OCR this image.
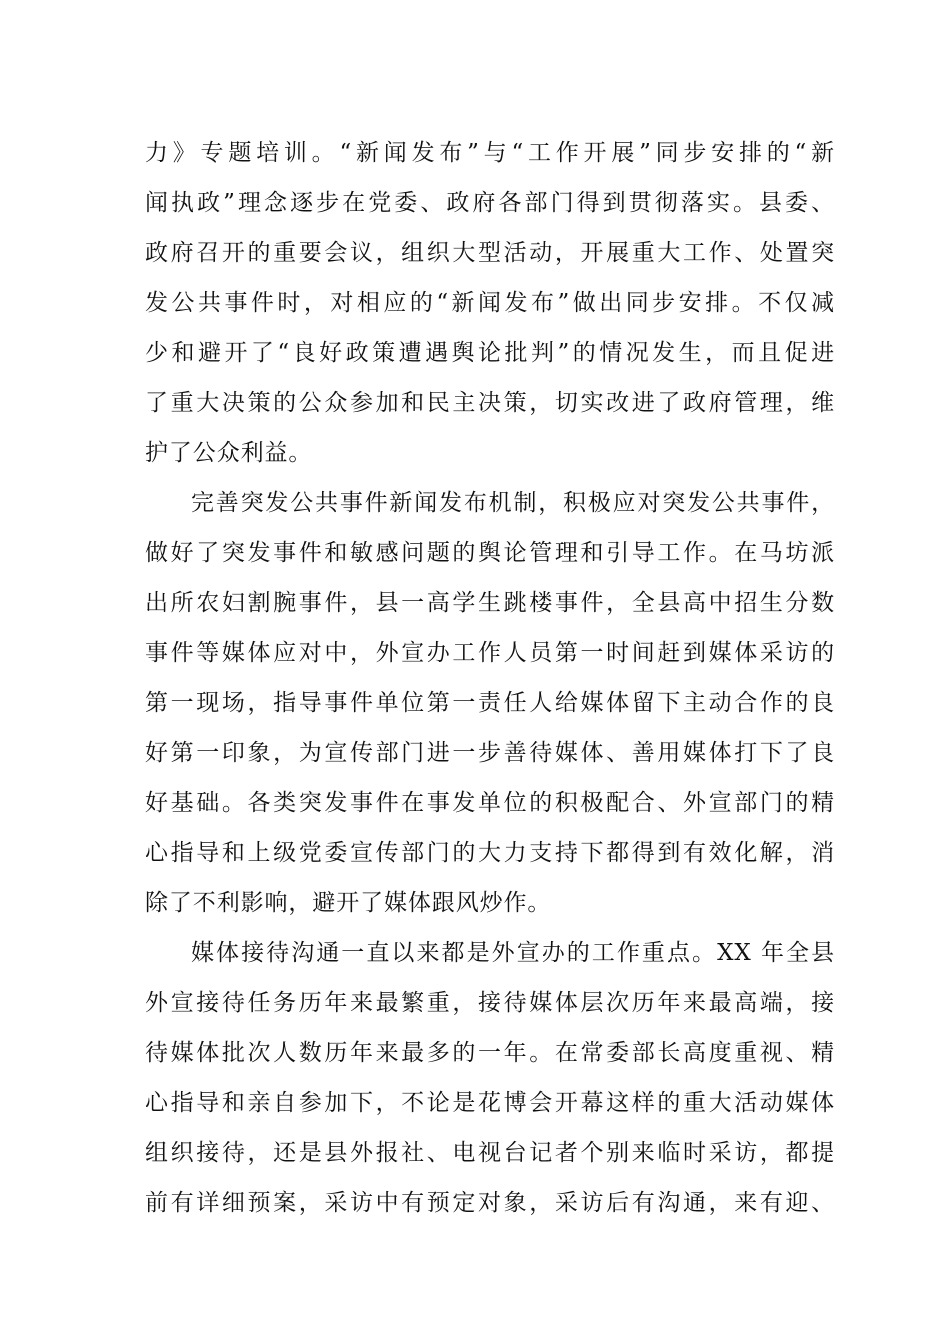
力》专题培训。“新闻发布”与“工作开展”同步安排的“新

闻执政”理念逐步在党委、政府各部门得到贯彻落实。县委、

政府召开的重要会议，组织大型活动，开展重大工作、处置突

发公共事件时，对相应的“新闻发布”做出同步安排。不仅减

少和避开了“良好政策遭遇舆论批判”的情况发生，而且促进

了重大决策的公众参加和民主决策，切实改进了政府管理，维

护了公众利益。

完善突发公共事件新闻发布机制，积极应对突发公共事件，

做好了突发事件和敏感问题的舆论管理和引导工作。在马坊派

出所农妇割腕事件，县一高学生跳楼事件，全县高中招生分数

事件等媒体应对中，外宣办工作人员第一时间赶到媒体采访的

第一现场，指导事件单位第一责任人给媒体留下主动合作的良

好第一印象，为宣传部门进一步善待媒体、善用媒体打下了良

好基础。各类突发事件在事发单位的积极配合、外宣部门的精

心指导和上级党委宣传部门的大力支持下都得到有效化解，消

除了不利影响，避开了媒体跟风炒作。

媒体接待沟通一直以来都是外宣办的工作重点。XX 年全县

外宣接待任务历年来最繁重，接待媒体层次历年来最高端，接

待媒体批次人数历年来最多的一年。在常委部长高度重视、精

心指导和亲自参加下，不论是花博会开幕这样的重大活动媒体

组织接待，还是县外报社、电视台记者个别来临时采访，都提

前有详细预案，采访中有预定对象，采访后有沟通，来有迎、
